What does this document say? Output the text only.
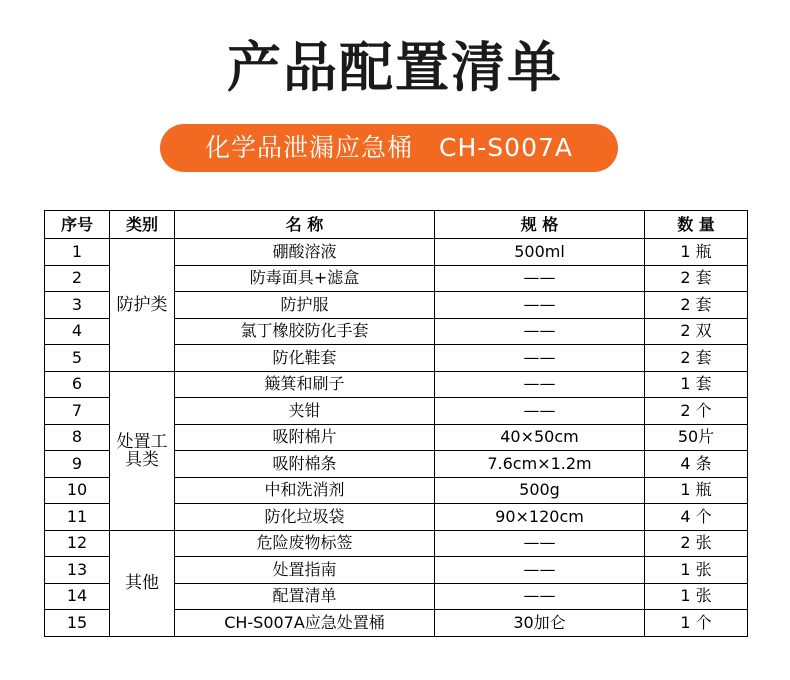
产品配置清单
化学品泄漏应急桶　CH-S007A
序号	类别	名 称	规 格	数 量
1	防护类	硼酸溶液	500ml	1 瓶
2		防毒面具+滤盒	——	2 套
3		防护服	——	2 套
4		氯丁橡胶防化手套	——	2 双
5		防化鞋套	——	2 套
6	处置工具类	簸箕和刷子	——	1 套
7		夹钳	——	2 个
8		吸附棉片	40×50cm	50片
9		吸附棉条	7.6cm×1.2m	4 条
10		中和洗消剂	500g	1 瓶
11		防化垃圾袋	90×120cm	4 个
12	其他	危险废物标签	——	2 张
13		处置指南	——	1 张
14		配置清单	——	1 张
15		CH-S007A应急处置桶	30加仑	1 个
